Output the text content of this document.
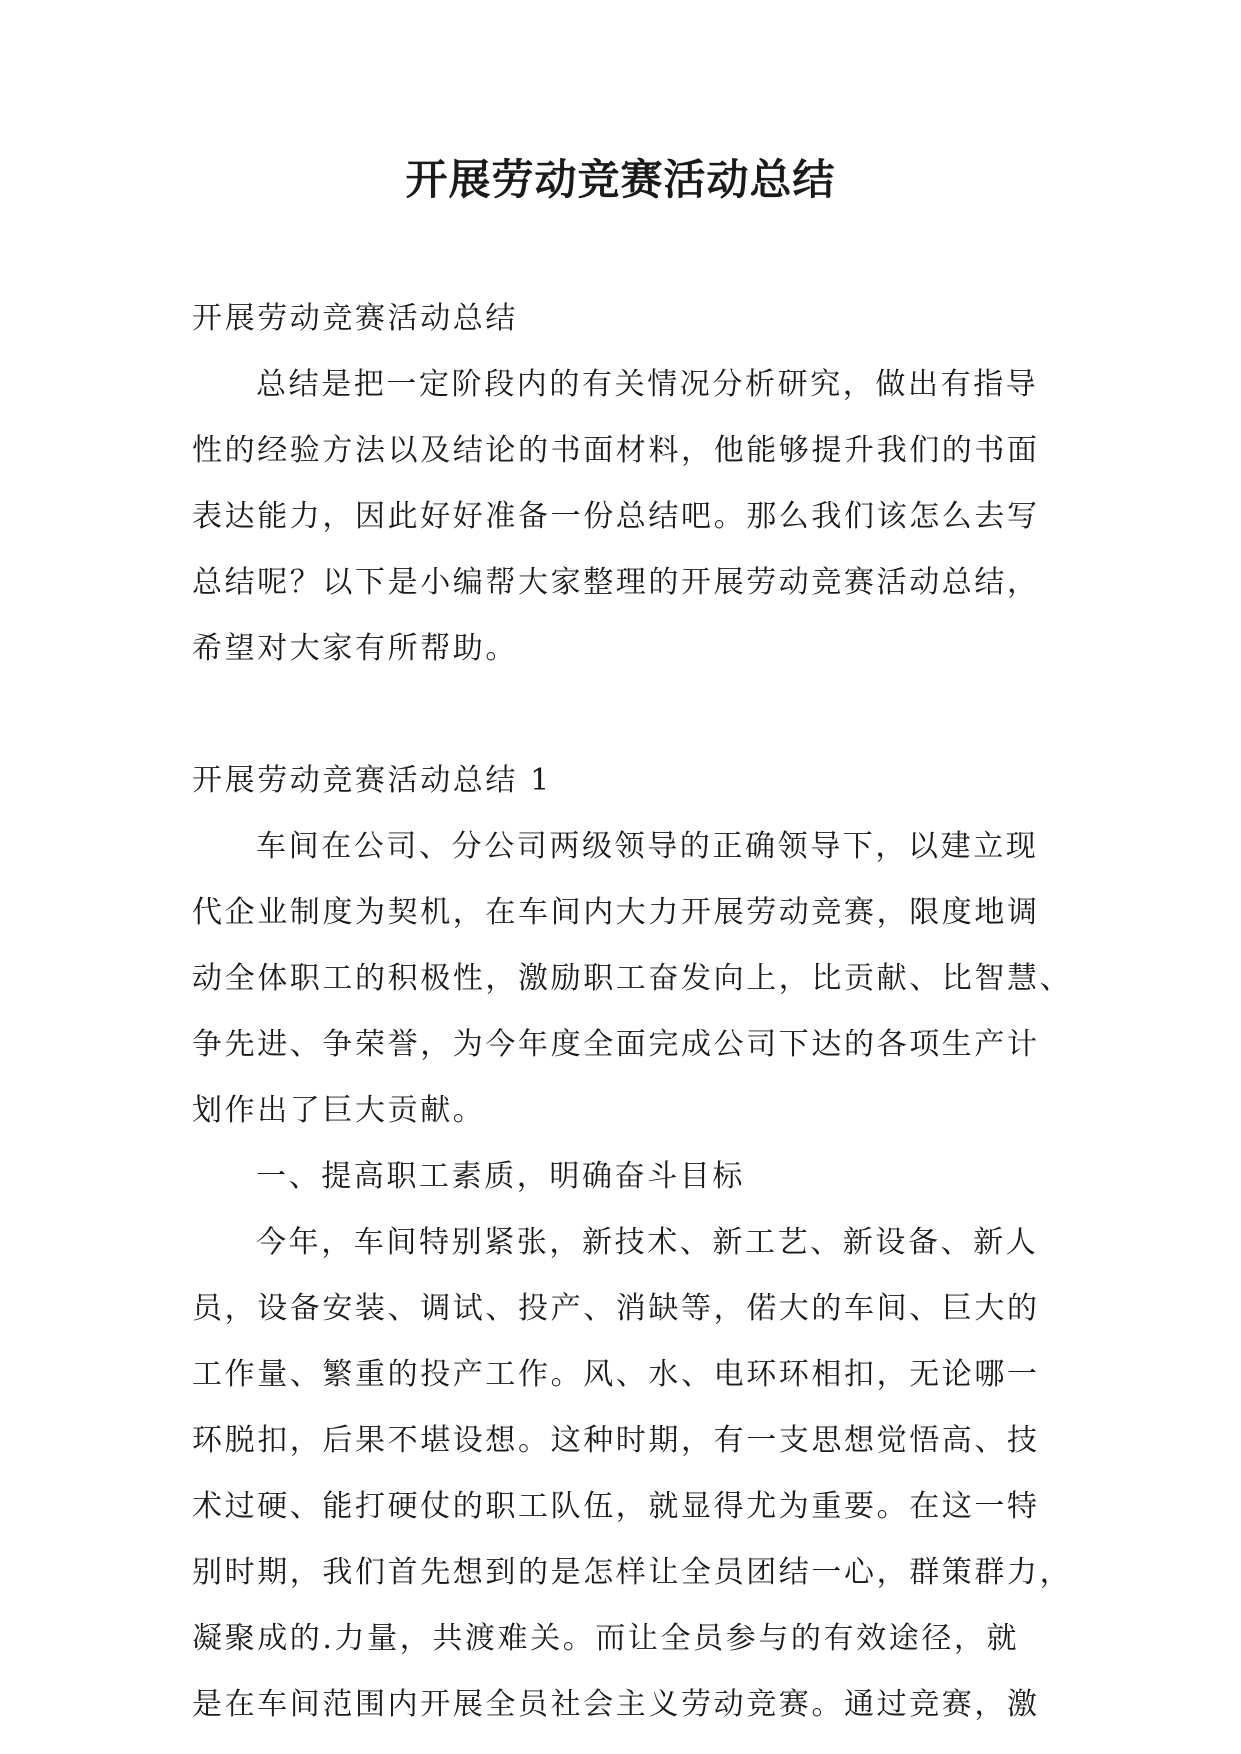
开展劳动竞赛活动总结
开展劳动竞赛活动总结
总结是把一定阶段内的有关情况分析研究，做出有指导
性的经验方法以及结论的书面材料，他能够提升我们的书面
表达能力，因此好好准备一份总结吧。那么我们该怎么去写
总结呢？以下是小编帮大家整理的开展劳动竞赛活动总结，
希望对大家有所帮助。
开展劳动竞赛活动总结 1
车间在公司、分公司两级领导的正确领导下，以建立现
代企业制度为契机，在车间内大力开展劳动竞赛，限度地调
动全体职工的积极性，激励职工奋发向上，比贡献、比智慧、
争先进、争荣誉，为今年度全面完成公司下达的各项生产计
划作出了巨大贡献。
一、提高职工素质，明确奋斗目标
今年，车间特别紧张，新技术、新工艺、新设备、新人
员，设备安装、调试、投产、消缺等，偌大的车间、巨大的
工作量、繁重的投产工作。风、水、电环环相扣，无论哪一
环脱扣，后果不堪设想。这种时期，有一支思想觉悟高、技
术过硬、能打硬仗的职工队伍，就显得尤为重要。在这一特
别时期，我们首先想到的是怎样让全员团结一心，群策群力，
凝聚成的.力量，共渡难关。而让全员参与的有效途径，就
是在车间范围内开展全员社会主义劳动竞赛。通过竞赛，激
